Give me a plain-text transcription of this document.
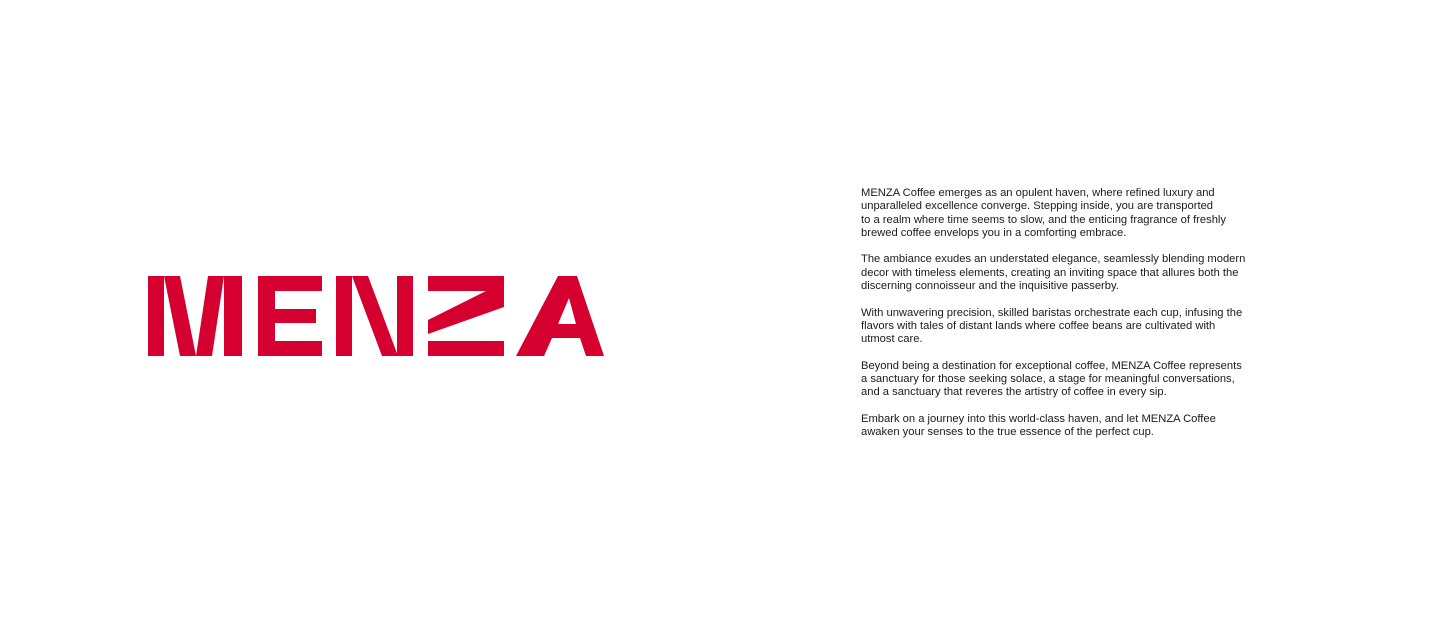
MENZA Coffee emerges as an opulent haven, where refined luxury and
unparalleled excellence converge. Stepping inside, you are transported
to a realm where time seems to slow, and the enticing fragrance of freshly
brewed coffee envelops you in a comforting embrace.

The ambiance exudes an understated elegance, seamlessly blending modern
decor with timeless elements, creating an inviting space that allures both the
discerning connoisseur and the inquisitive passerby.

With unwavering precision, skilled baristas orchestrate each cup, infusing the
flavors with tales of distant lands where coffee beans are cultivated with
utmost care.

Beyond being a destination for exceptional coffee, MENZA Coffee represents
a sanctuary for those seeking solace, a stage for meaningful conversations,
and a sanctuary that reveres the artistry of coffee in every sip.

Embark on a journey into this world-class haven, and let MENZA Coffee
awaken your senses to the true essence of the perfect cup.
